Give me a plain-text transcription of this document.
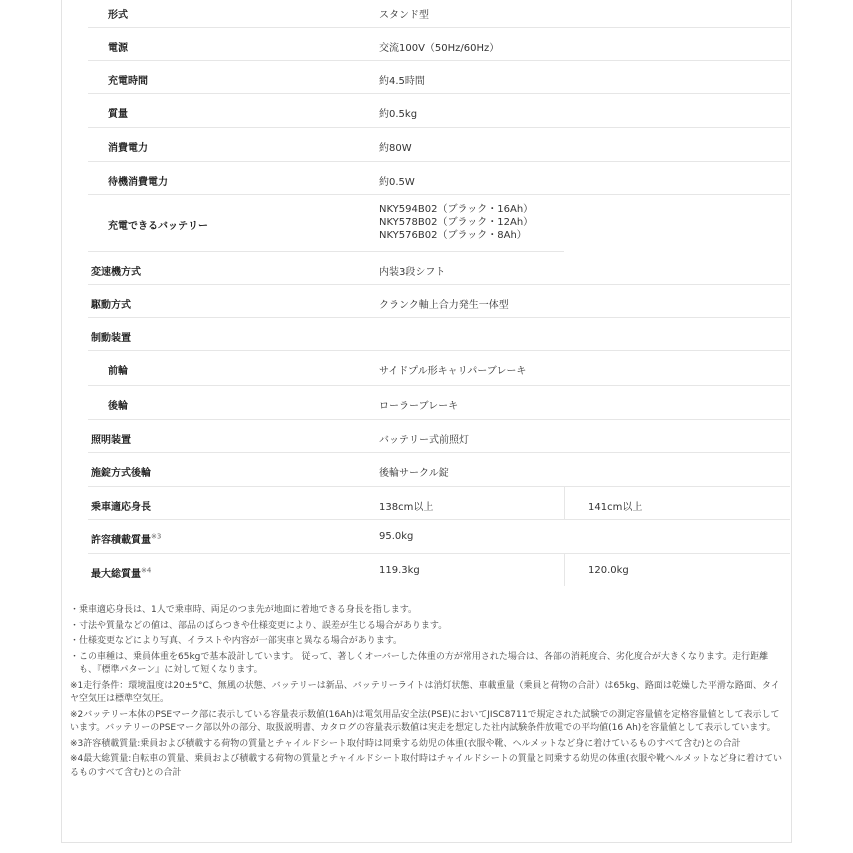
形式	スタンド型
電源	交流100V（50Hz/60Hz）
充電時間	約4.5時間
質量	約0.5kg
消費電力	約80W
待機消費電力	約0.5W
充電できるバッテリー
NKY594B02（ブラック・16Ah）
NKY578B02（ブラック・12Ah）
NKY576B02（ブラック・8Ah）
変速機方式	内装3段シフト
駆動方式	クランク軸上合力発生一体型
制動装置
前輪	サイドプル形キャリパーブレーキ
後輪	ローラーブレーキ
照明装置	バッテリー式前照灯
施錠方式後輪	後輪サークル錠
乗車適応身長	138cm以上	141cm以上
許容積載質量$^{※3}$	95.0kg
最大総質量$^{※4}$	119.3kg	120.0kg
・ 乗車適応身長は、1人で乗車時、両足のつま先が地面に着地できる身長を指します。
・ 寸法や質量などの値は、部品のばらつきや仕様変更により、誤差が生じる場合があります。
・ 仕様変更などにより写真、イラストや内容が一部実車と異なる場合があります。
・ この車種は、乗員体重を65kgで基本設計しています。 従って、著しくオーバーした体重の方が常用された場合は、各部の消耗度合、劣化度合が大きくなります。走行距離も、『標準パターン』に対して短くなります。
※1走行条件：環境温度は20±5°C、無風の状態、バッテリーは新品、バッテリーライトは消灯状態、車載重量（乗員と荷物の合計）は65kg、路面は乾燥した平滑な路面、タイヤ空気圧は標準空気圧。
※2バッテリー本体のPSEマーク部に表示している容量表示数値(16Ah)は電気用品安全法(PSE)においてJISC8711で規定された試験での測定容量値を定格容量値として表示しています。バッテリーのPSEマーク部以外の部分、取扱説明書、カタログの容量表示数値は実走を想定した社内試験条件放電での平均値(16 Ah)を容量値として表示しています。
※3許容積載質量:乗員および積載する荷物の質量とチャイルドシート取付時は同乗する幼児の体重(衣服や靴、ヘルメットなど身に着けているものすべて含む)との合計
※4最大総質量:自転車の質量、乗員および積載する荷物の質量とチャイルドシート取付時はチャイルドシートの質量と同乗する幼児の体重(衣服や靴ヘルメットなど身に着けているものすべて含む)との合計
